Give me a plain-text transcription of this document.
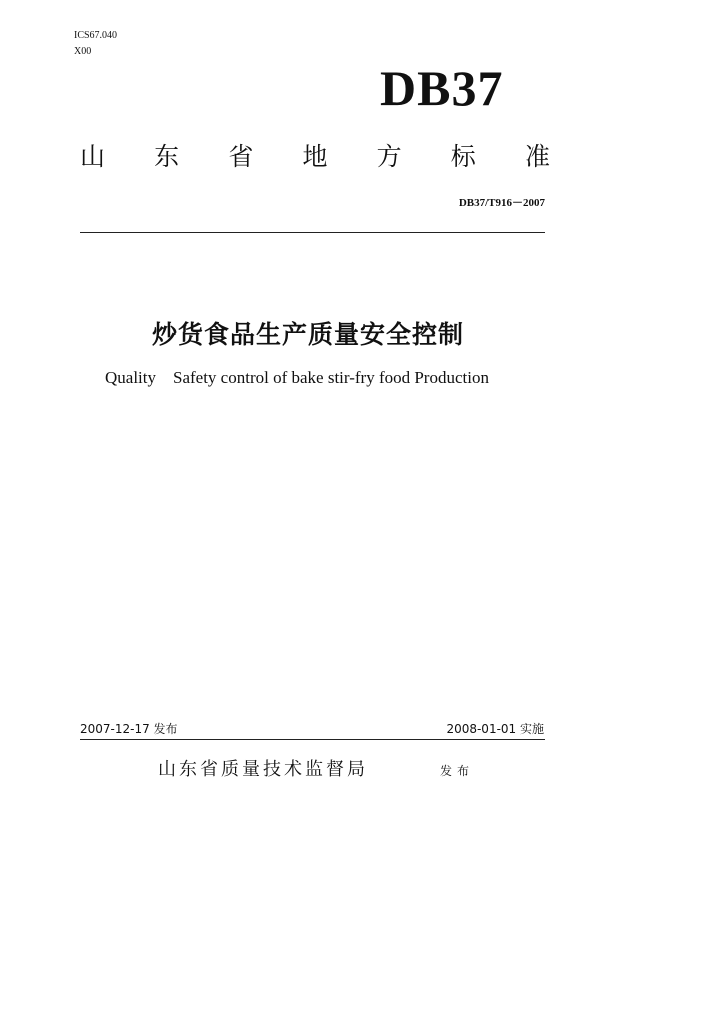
ICS67.040
X00
DB37
山 东 省 地 方 标 准
DB37/T916－2007
炒货食品生产质量安全控制
Quality    Safety control of bake stir-fry food Production
2007-12-17 发布	2008-01-01 实施
山东省质量技术监督局	发布
